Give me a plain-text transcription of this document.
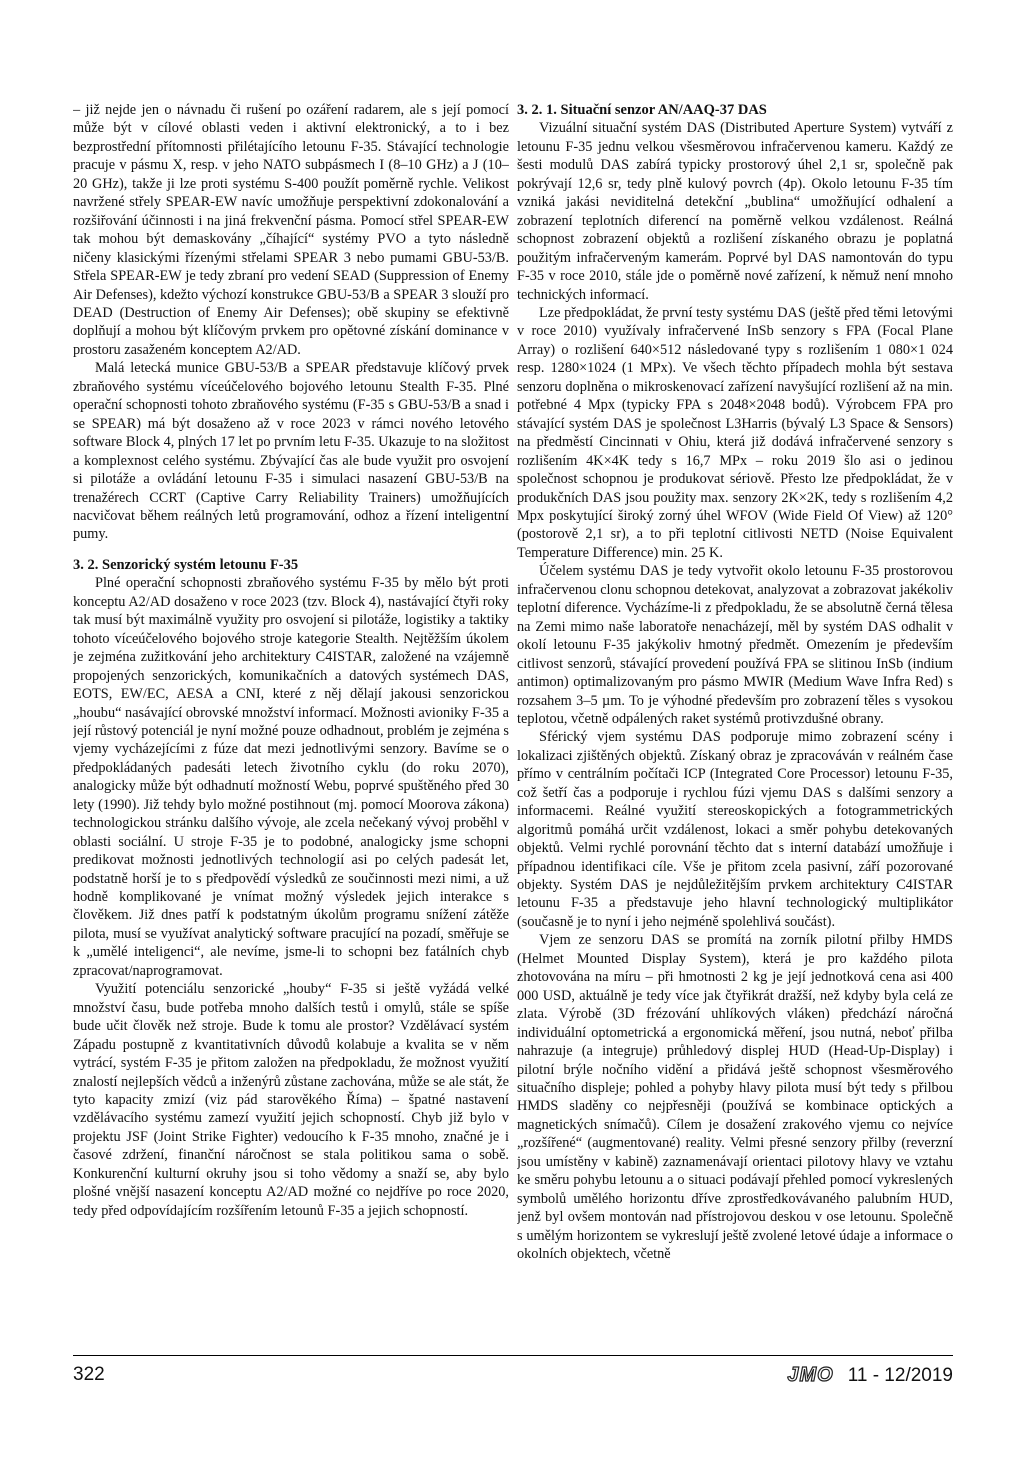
– již nejde jen o návnadu či rušení po ozáření radarem, ale s její pomocí může být v cílové oblasti veden i aktivní elektronický, a to i bez bezprostřední přítomnosti přilétajícího letounu F-35. Stávající technologie pracuje v pásmu X, resp. v jeho NATO subpásmech I (8–10 GHz) a J (10–20 GHz), takže ji lze proti systému S-400 použít poměrně rychle. Velikost navržené střely SPEAR-EW navíc umožňuje perspektivní zdokonalování a rozšiřování účinnosti i na jiná frekvenční pásma. Pomocí střel SPEAR-EW tak mohou být demaskovány „číhající“ systémy PVO a tyto následně ničeny klasickými řízenými střelami SPEAR 3 nebo pumami GBU-53/B. Střela SPEAR-EW je tedy zbraní pro vedení SEAD (Suppression of Enemy Air Defenses), kdežto výchozí konstrukce GBU-53/B a SPEAR 3 slouží pro DEAD (Destruction of Enemy Air Defenses); obě skupiny se efektivně doplňují a mohou být klíčovým prvkem pro opětovné získání dominance v prostoru zasaženém konceptem A2/AD.

Malá letecká munice GBU-53/B a SPEAR představuje klíčový prvek zbraňového systému víceúčelového bojového letounu Stealth F-35. Plné operační schopnosti tohoto zbraňového systému (F-35 s GBU-53/B a snad i se SPEAR) má být dosaženo až v roce 2023 v rámci nového letového software Block 4, plných 17 let po prvním letu F-35. Ukazuje to na složitost a komplexnost celého systému. Zbývající čas ale bude využit pro osvojení si pilotáže a ovládání letounu F-35 i simulaci nasazení GBU-53/B na trenažérech CCRT (Captive Carry Reliability Trainers) umožňujících nacvičovat během reálných letů programování, odhoz a řízení inteligentní pumy.

3. 2. Senzorický systém letounu F-35

Plné operační schopnosti zbraňového systému F-35 by mělo být proti konceptu A2/AD dosaženo v roce 2023 (tzv. Block 4), nastávající čtyři roky tak musí být maximálně využity pro osvojení si pilotáže, logistiky a taktiky tohoto víceúčelového bojového stroje kategorie Stealth. Nejtěžším úkolem je zejména zužitkování jeho architektury C4ISTAR, založené na vzájemně propojených senzorických, komunikačních a datových systémech DAS, EOTS, EW/EC, AESA a CNI, které z něj dělají jakousi senzorickou „houbu“ nasávající obrovské množství informací. Možnosti avioniky F-35 a její růstový potenciál je nyní možné pouze odhadnout, problém je zejména s vjemy vycházejícími z fúze dat mezi jednotlivými senzory. Bavíme se o předpokládaných padesáti letech životního cyklu (do roku 2070), analogicky může být odhadnutí možností Webu, poprvé spuštěného před 30 lety (1990). Již tehdy bylo možné postihnout (mj. pomocí Moorova zákona) technologickou stránku dalšího vývoje, ale zcela nečekaný vývoj proběhl v oblasti sociální. U stroje F-35 je to podobné, analogicky jsme schopni predikovat možnosti jednotlivých technologií asi po celých padesát let, podstatně horší je to s předpovědí výsledků ze součinnosti mezi nimi, a už hodně komplikované je vnímat možný výsledek jejich interakce s člověkem. Již dnes patří k podstatným úkolům programu snížení zátěže pilota, musí se využívat analytický software pracující na pozadí, směřuje se k „umělé inteligenci“, ale nevíme, jsme-li to schopni bez fatálních chyb zpracovat/naprogramovat.

Využití potenciálu senzorické „houby“ F-35 si ještě vyžádá velké množství času, bude potřeba mnoho dalších testů i omylů, stále se spíše bude učit člověk než stroje. Bude k tomu ale prostor? Vzdělávací systém Západu postupně z kvantitativních důvodů kolabuje a kvalita se v něm vytrácí, systém F-35 je přitom založen na předpokladu, že možnost využití znalostí nejlepších vědců a inženýrů zůstane zachována, může se ale stát, že tyto kapacity zmizí (viz pád starověkého Říma) – špatné nastavení vzdělávacího systému zamezí využití jejich schopností. Chyb již bylo v projektu JSF (Joint Strike Fighter) vedoucího k F-35 mnoho, značné je i časové zdržení, finanční náročnost se stala politikou sama o sobě. Konkurenční kulturní okruhy jsou si toho vědomy a snaží se, aby bylo plošné vnější nasazení konceptu A2/AD možné co nejdříve po roce 2020, tedy před odpovídajícím rozšířením letounů F-35 a jejich schopností.

3. 2. 1. Situační senzor AN/AAQ-37 DAS

Vizuální situační systém DAS (Distributed Aperture System) vytváří z letounu F-35 jednu velkou všesměrovou infračervenou kameru. Každý ze šesti modulů DAS zabírá typicky prostorový úhel 2,1 sr, společně pak pokrývají 12,6 sr, tedy plně kulový povrch (4p). Okolo letounu F-35 tím vzniká jakási neviditelná detekční „bublina“ umožňující odhalení a zobrazení teplotních diferencí na poměrně velkou vzdálenost. Reálná schopnost zobrazení objektů a rozlišení získaného obrazu je poplatná použitým infračerveným kamerám. Poprvé byl DAS namontován do typu F-35 v roce 2010, stále jde o poměrně nové zařízení, k němuž není mnoho technických informací.

Lze předpokládat, že první testy systému DAS (ještě před těmi letovými v roce 2010) využívaly infračervené InSb senzory s FPA (Focal Plane Array) o rozlišení 640×512 následované typy s rozlišením 1 080×1 024 resp. 1280×1024 (1 MPx). Ve všech těchto případech mohla být sestava senzoru doplněna o mikroskenovací zařízení navyšující rozlišení až na min. potřebné 4 Mpx (typicky FPA s 2048×2048 bodů). Výrobcem FPA pro stávající systém DAS je společnost L3Harris (bývalý L3 Space & Sensors) na předměstí Cincinnati v Ohiu, která již dodává infračervené senzory s rozlišením 4K×4K tedy s 16,7 MPx – roku 2019 šlo asi o jedinou společnost schopnou je produkovat sériově. Přesto lze předpokládat, že v produkčních DAS jsou použity max. senzory 2K×2K, tedy s rozlišením 4,2 Mpx poskytující široký zorný úhel WFOV (Wide Field Of View) až 120° (postorově 2,1 sr), a to při teplotní citlivosti NETD (Noise Equivalent Temperature Difference) min. 25 K.

Účelem systému DAS je tedy vytvořit okolo letounu F-35 prostorovou infračervenou clonu schopnou detekovat, analyzovat a zobrazovat jakékoliv teplotní diference. Vycházíme-li z předpokladu, že se absolutně černá tělesa na Zemi mimo naše laboratoře nenacházejí, měl by systém DAS odhalit v okolí letounu F-35 jakýkoliv hmotný předmět. Omezením je především citlivost senzorů, stávající provedení používá FPA se slitinou InSb (indium antimon) optimalizovaným pro pásmo MWIR (Medium Wave Infra Red) s rozsahem 3–5 µm. To je výhodné především pro zobrazení těles s vysokou teplotou, včetně odpálených raket systémů protivzdušné obrany.

Sférický vjem systému DAS podporuje mimo zobrazení scény i lokalizaci zjištěných objektů. Získaný obraz je zpracováván v reálném čase přímo v centrálním počítači ICP (Integrated Core Processor) letounu F-35, což šetří čas a podporuje i rychlou fúzi vjemu DAS s dalšími senzory a informacemi. Reálné využití stereoskopických a fotogrammetrických algoritmů pomáhá určit vzdálenost, lokaci a směr pohybu detekovaných objektů. Velmi rychlé porovnání těchto dat s interní databází umožňuje i případnou identifikaci cíle. Vše je přitom zcela pasivní, září pozorované objekty. Systém DAS je nejdůležitějším prvkem architektury C4ISTAR letounu F-35 a představuje jeho hlavní technologický multiplikátor (současně je to nyní i jeho nejméně spolehlivá součást).

Vjem ze senzoru DAS se promítá na zorník pilotní přilby HMDS (Helmet Mounted Display System), která je pro každého pilota zhotovována na míru – při hmotnosti 2 kg je její jednotková cena asi 400 000 USD, aktuálně je tedy více jak čtyřikrát dražší, než kdyby byla celá ze zlata. Výrobě (3D frézování uhlíkových vláken) předchází náročná individuální optometrická a ergonomická měření, jsou nutná, neboť přilba nahrazuje (a integruje) průhledový displej HUD (Head-Up-Display) i pilotní brýle nočního vidění a přidává ještě schopnost všesměrového situačního displeje; pohled a pohyby hlavy pilota musí být tedy s přilbou HMDS sladěny co nejpřesněji (používá se kombinace optických a magnetických snímačů). Cílem je dosažení zrakového vjemu co nejvíce „rozšířené“ (augmentované) reality. Velmi přesné senzory přilby (reverzní jsou umístěny v kabině) zaznamenávají orientaci pilotovy hlavy ve vztahu ke směru pohybu letounu a o situaci podávají přehled pomocí vykreslených symbolů umělého horizontu dříve zprostředkovávaného palubním HUD, jenž byl ovšem montován nad přístrojovou deskou v ose letounu. Společně s umělým horizontem se vykreslují ještě zvolené letové údaje a informace o okolních objektech, včetně

322	JMO 11 - 12/2019
